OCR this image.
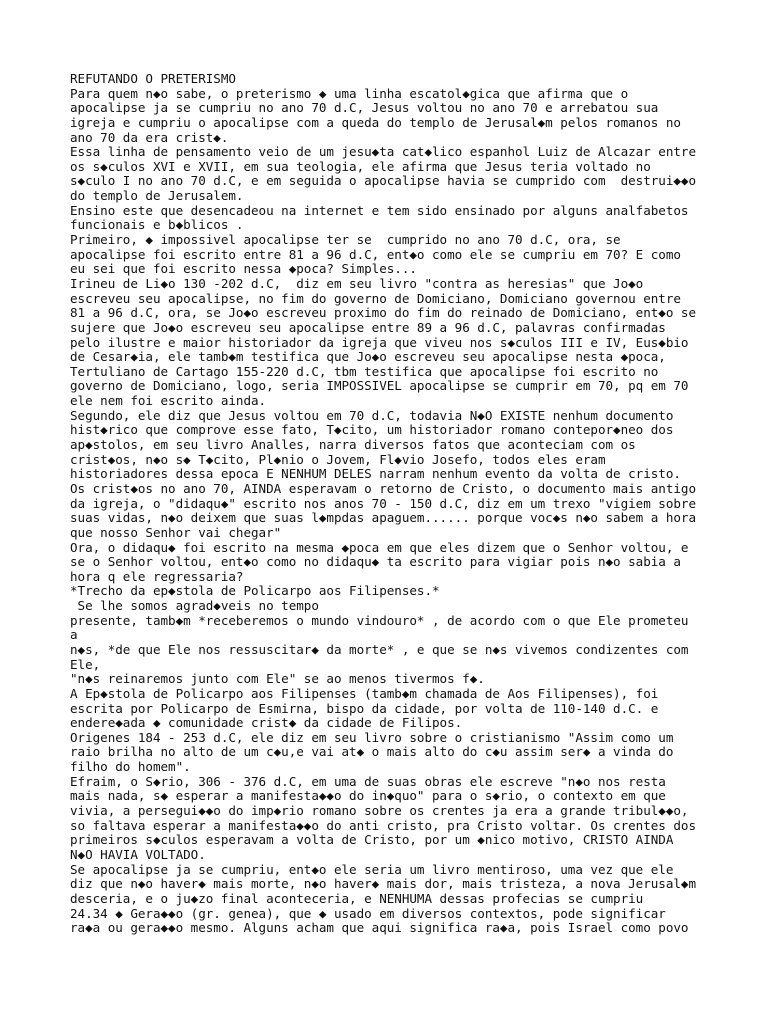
REFUTANDO O PRETERISMO
Para quem n◆o sabe, o preterismo ◆ uma linha escatol◆gica que afirma que o
apocalipse ja se cumpriu no ano 70 d.C, Jesus voltou no ano 70 e arrebatou sua
igreja e cumpriu o apocalipse com a queda do templo de Jerusal◆m pelos romanos no
ano 70 da era crist◆.
Essa linha de pensamento veio de um jesu◆ta cat◆lico espanhol Luiz de Alcazar entre
os s◆culos XVI e XVII, em sua teologia, ele afirma que Jesus teria voltado no
s◆culo I no ano 70 d.C, e em seguida o apocalipse havia se cumprido com  destrui◆◆o
do templo de Jerusalem.
Ensino este que desencadeou na internet e tem sido ensinado por alguns analfabetos
funcionais e b◆blicos .
Primeiro, ◆ impossivel apocalipse ter se  cumprido no ano 70 d.C, ora, se
apocalipse foi escrito entre 81 a 96 d.C, ent◆o como ele se cumpriu em 70? E como
eu sei que foi escrito nessa ◆poca? Simples...
Irineu de Li◆o 130 -202 d.C,  diz em seu livro "contra as heresias" que Jo◆o
escreveu seu apocalipse, no fim do governo de Domiciano, Domiciano governou entre
81 a 96 d.C, ora, se Jo◆o escreveu proximo do fim do reinado de Domiciano, ent◆o se
sujere que Jo◆o escreveu seu apocalipse entre 89 a 96 d.C, palavras confirmadas
pelo ilustre e maior historiador da igreja que viveu nos s◆culos III e IV, Eus◆bio
de Cesar◆ia, ele tamb◆m testifica que Jo◆o escreveu seu apocalipse nesta ◆poca,
Tertuliano de Cartago 155-220 d.C, tbm testifica que apocalipse foi escrito no
governo de Domiciano, logo, seria IMPOSSIVEL apocalipse se cumprir em 70, pq em 70
ele nem foi escrito ainda.
Segundo, ele diz que Jesus voltou em 70 d.C, todavia N◆O EXISTE nenhum documento
hist◆rico que comprove esse fato, T◆cito, um historiador romano contepor◆neo dos
ap◆stolos, em seu livro Analles, narra diversos fatos que aconteciam com os
crist◆os, n◆o s◆ T◆cito, Pl◆nio o Jovem, Fl◆vio Josefo, todos eles eram
historiadores dessa epoca E NENHUM DELES narram nenhum evento da volta de cristo.
Os crist◆os no ano 70, AINDA esperavam o retorno de Cristo, o documento mais antigo
da igreja, o "didaqu◆" escrito nos anos 70 - 150 d.C, diz em um trexo "vigiem sobre
suas vidas, n◆o deixem que suas l◆mpdas apaguem...... porque voc◆s n◆o sabem a hora
que nosso Senhor vai chegar"
Ora, o didaqu◆ foi escrito na mesma ◆poca em que eles dizem que o Senhor voltou, e
se o Senhor voltou, ent◆o como no didaqu◆ ta escrito para vigiar pois n◆o sabia a
hora q ele regressaria?
*Trecho da ep◆stola de Policarpo aos Filipenses.*
Se lhe somos agrad◆veis no tempo
presente, tamb◆m *receberemos o mundo vindouro* , de acordo com o que Ele prometeu
a
n◆s, *de que Ele nos ressuscitar◆ da morte* , e que se n◆s vivemos condizentes com
Ele,
"n◆s reinaremos junto com Ele" se ao menos tivermos f◆.
A Ep◆stola de Policarpo aos Filipenses (tamb◆m chamada de Aos Filipenses), foi
escrita por Policarpo de Esmirna, bispo da cidade, por volta de 110-140 d.C. e
endere◆ada ◆ comunidade crist◆ da cidade de Filipos.
Origenes 184 - 253 d.C, ele diz em seu livro sobre o cristianismo "Assim como um
raio brilha no alto de um c◆u,e vai at◆ o mais alto do c◆u assim ser◆ a vinda do
filho do homem".
Efraim, o S◆rio, 306 - 376 d.C, em uma de suas obras ele escreve "n◆o nos resta
mais nada, s◆ esperar a manifesta◆◆o do in◆quo" para o s◆rio, o contexto em que
vivia, a persegui◆◆o do imp◆rio romano sobre os crentes ja era a grande tribul◆◆o,
so faltava esperar a manifesta◆◆o do anti cristo, pra Cristo voltar. Os crentes dos
primeiros s◆culos esperavam a volta de Cristo, por um ◆nico motivo, CRISTO AINDA
N◆O HAVIA VOLTADO.
Se apocalipse ja se cumpriu, ent◆o ele seria um livro mentiroso, uma vez que ele
diz que n◆o haver◆ mais morte, n◆o haver◆ mais dor, mais tristeza, a nova Jerusal◆m
desceria, e o ju◆zo final aconteceria, e NENHUMA dessas profecias se cumpriu
24.34 ◆ Gera◆◆o (gr. genea), que ◆ usado em diversos contextos, pode significar
ra◆a ou gera◆◆o mesmo. Alguns acham que aqui significa ra◆a, pois Israel como povo
